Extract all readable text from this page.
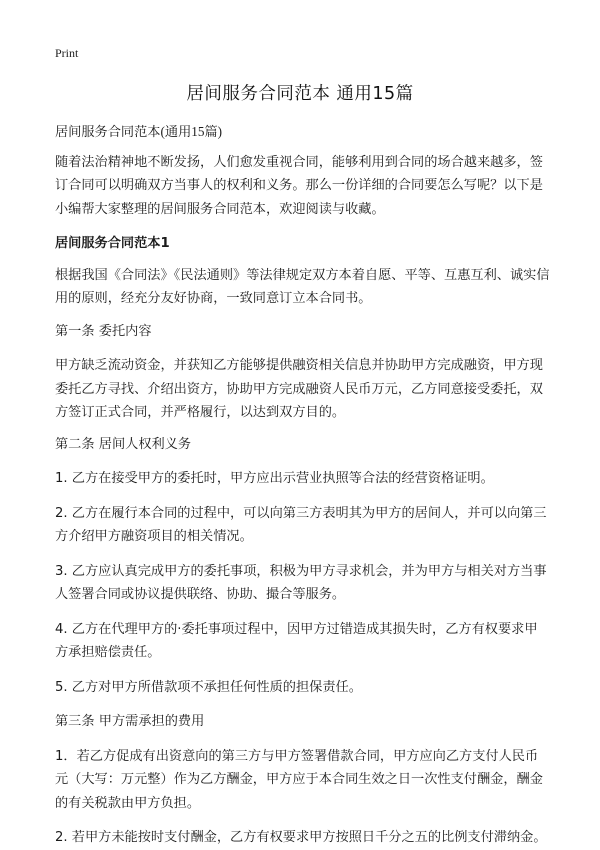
Print
居间服务合同范本 通用15篇

居间服务合同范本(通用15篇)

随着法治精神地不断发扬，人们愈发重视合同，能够利用到合同的场合越来越多，签订合同可以明确双方当事人的权利和义务。那么一份详细的合同要怎么写呢？以下是小编帮大家整理的居间服务合同范本，欢迎阅读与收藏。

居间服务合同范本1

根据我国《合同法》《民法通则》等法律规定双方本着自愿、平等、互惠互利、诚实信用的原则，经充分友好协商，一致同意订立本合同书。

第一条 委托内容

甲方缺乏流动资金，并获知乙方能够提供融资相关信息并协助甲方完成融资，甲方现委托乙方寻找、介绍出资方，协助甲方完成融资人民币万元，乙方同意接受委托，双方签订正式合同，并严格履行，以达到双方目的。

第二条 居间人权利义务

1. 乙方在接受甲方的委托时，甲方应出示营业执照等合法的经营资格证明。

2. 乙方在履行本合同的过程中，可以向第三方表明其为甲方的居间人，并可以向第三方介绍甲方融资项目的相关情况。

3. 乙方应认真完成甲方的委托事项，积极为甲方寻求机会，并为甲方与相关对方当事人签署合同或协议提供联络、协助、撮合等服务。

4. 乙方在代理甲方的·委托事项过程中，因甲方过错造成其损失时，乙方有权要求甲方承担赔偿责任。

5. 乙方对甲方所借款项不承担任何性质的担保责任。

第三条 甲方需承担的费用

1．若乙方促成有出资意向的第三方与甲方签署借款合同，甲方应向乙方支付人民币 元（大写：万元整）作为乙方酬金，甲方应于本合同生效之日一次性支付酬金，酬金的有关税款由甲方负担。

2. 若甲方未能按时支付酬金，乙方有权要求甲方按照日千分之五的比例支付滞纳金。
